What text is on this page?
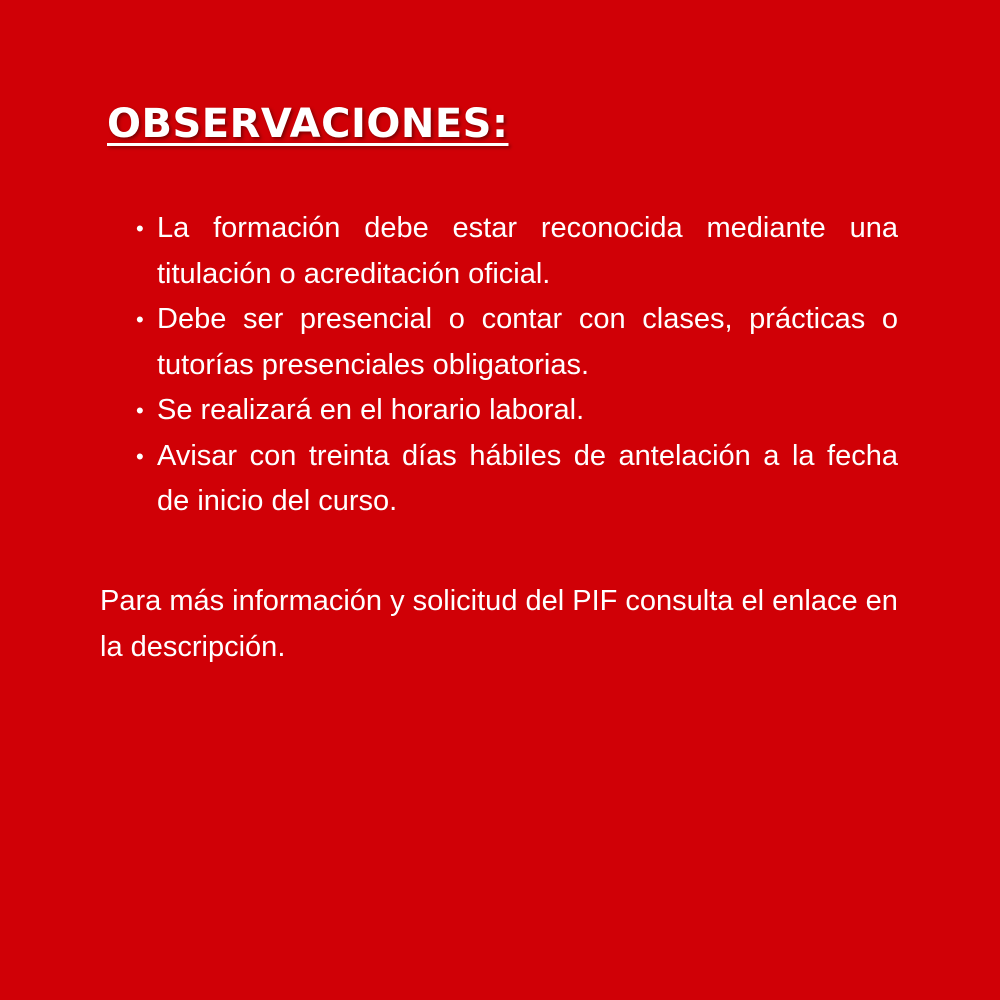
OBSERVACIONES:
• La formación debe estar reconocida mediante una titulación o acreditación oficial.
• Debe ser presencial o contar con clases, prácticas o tutorías presenciales obligatorias.
• Se realizará en el horario laboral.
• Avisar con treinta días hábiles de antelación a la fecha de inicio del curso.

Para más información y solicitud del PIF consulta el enlace en la descripción.
